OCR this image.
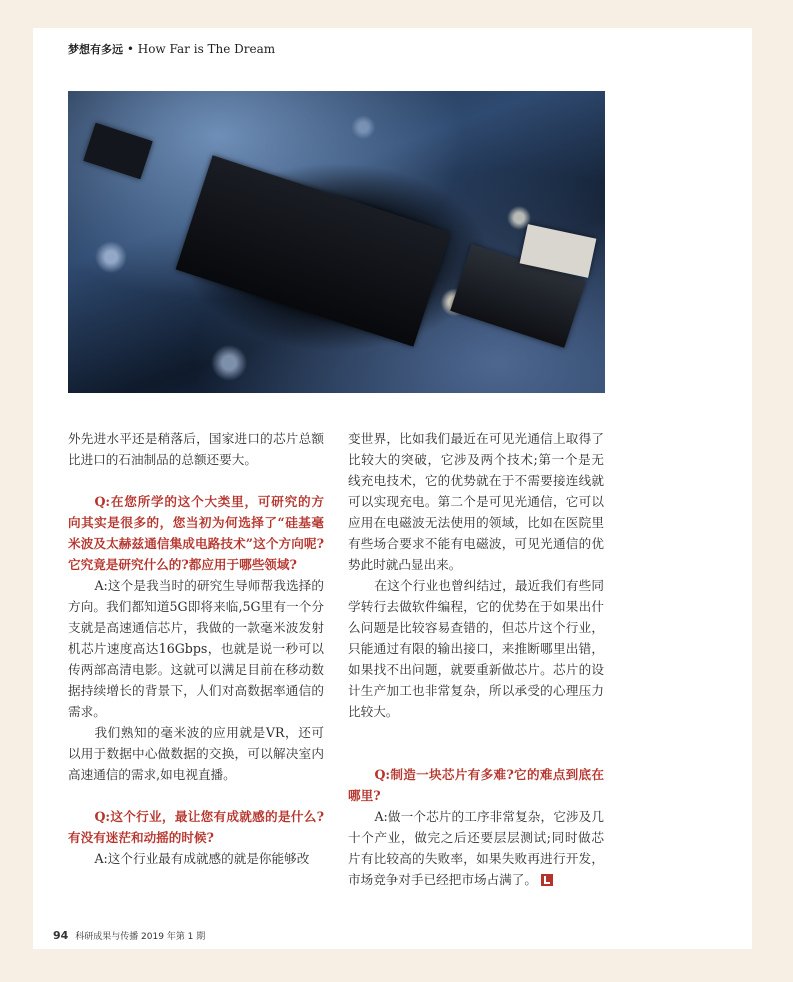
梦想有多远 • How Far is The Dream

外先进水平还是稍落后，国家进口的芯片总额比进口的石油制品的总额还要大。

Q:在您所学的这个大类里，可研究的方向其实是很多的，您当初为何选择了“硅基毫米波及太赫兹通信集成电路技术”这个方向呢?它究竟是研究什么的?都应用于哪些领域?

A:这个是我当时的研究生导师帮我选择的方向。我们都知道5G即将来临,5G里有一个分支就是高速通信芯片，我做的一款毫米波发射机芯片速度高达16Gbps，也就是说一秒可以传两部高清电影。这就可以满足目前在移动数据持续增长的背景下，人们对高数据率通信的需求。

我们熟知的毫米波的应用就是VR，还可以用于数据中心做数据的交换，可以解决室内高速通信的需求,如电视直播。

Q:这个行业，最让您有成就感的是什么?有没有迷茫和动摇的时候?

A:这个行业最有成就感的就是你能够改

变世界，比如我们最近在可见光通信上取得了比较大的突破，它涉及两个技术;第一个是无线充电技术，它的优势就在于不需要接连线就可以实现充电。第二个是可见光通信，它可以应用在电磁波无法使用的领域，比如在医院里有些场合要求不能有电磁波，可见光通信的优势此时就凸显出来。

在这个行业也曾纠结过，最近我们有些同学转行去做软件编程，它的优势在于如果出什么问题是比较容易查错的，但芯片这个行业，只能通过有限的输出接口，来推断哪里出错，如果找不出问题，就要重新做芯片。芯片的设计生产加工也非常复杂，所以承受的心理压力比较大。

Q:制造一块芯片有多难?它的难点到底在哪里?

A:做一个芯片的工序非常复杂，它涉及几十个产业，做完之后还要层层测试;同时做芯片有比较高的失败率，如果失败再进行开发，市场竞争对手已经把市场占满了。

94 科研成果与传播 2019 年第 1 期
